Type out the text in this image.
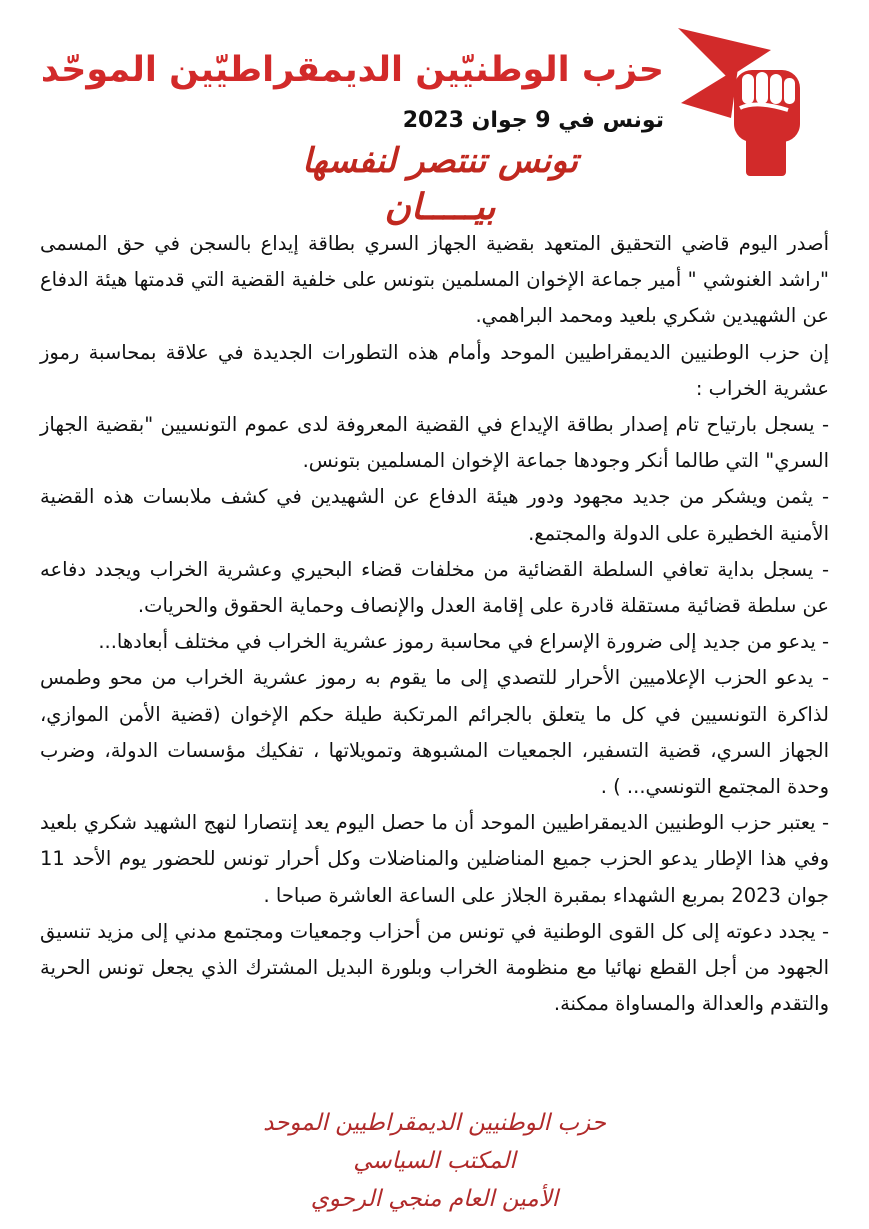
حزب الوطنيّين الديمقراطيّين الموحّد
تونس في 9 جوان 2023
تونس تنتصر لنفسها
بيـــــان

أصدر اليوم قاضي التحقيق المتعهد بقضية الجهاز السري بطاقة إيداع بالسجن في حق المسمى "راشد الغنوشي " أمير جماعة الإخوان المسلمين بتونس على خلفية القضية التي قدمتها هيئة الدفاع عن الشهيدين شكري بلعيد ومحمد البراهمي.

إن حزب الوطنيين الديمقراطيين الموحد وأمام هذه التطورات الجديدة في علاقة بمحاسبة رموز عشرية الخراب :

- يسجل بارتياح تام إصدار بطاقة الإيداع في القضية المعروفة لدى عموم التونسيين "بقضية الجهاز السري" التي طالما أنكر وجودها جماعة الإخوان المسلمين بتونس.

- يثمن ويشكر من جديد مجهود ودور هيئة الدفاع عن الشهيدين في كشف ملابسات هذه القضية الأمنية الخطيرة على الدولة والمجتمع.

- يسجل بداية تعافي السلطة القضائية من مخلفات قضاء البحيري وعشرية الخراب ويجدد دفاعه عن سلطة قضائية مستقلة قادرة على إقامة العدل والإنصاف وحماية الحقوق والحريات.

- يدعو من جديد إلى ضرورة الإسراع في محاسبة رموز عشرية الخراب في مختلف أبعادها...

- يدعو الحزب الإعلاميين الأحرار للتصدي إلى ما يقوم به رموز عشرية الخراب من محو وطمس لذاكرة التونسيين في كل ما يتعلق بالجرائم المرتكبة طيلة حكم الإخوان (قضية الأمن الموازي، الجهاز السري، قضية التسفير، الجمعيات المشبوهة وتمويلاتها ، تفكيك مؤسسات الدولة، وضرب وحدة المجتمع التونسي... ) .

- يعتبر حزب الوطنيين الديمقراطيين الموحد أن ما حصل اليوم يعد إنتصارا لنهج الشهيد شكري بلعيد وفي هذا الإطار يدعو الحزب جميع المناضلين والمناضلات وكل أحرار تونس للحضور يوم الأحد 11 جوان 2023 بمربع الشهداء بمقبرة الجلاز على الساعة العاشرة صباحا .

- يجدد دعوته إلى كل القوى الوطنية في تونس من أحزاب وجمعيات ومجتمع مدني إلى مزيد تنسيق الجهود من أجل القطع نهائيا مع منظومة الخراب وبلورة البديل المشترك الذي يجعل تونس الحرية والتقدم والعدالة والمساواة ممكنة.

حزب الوطنيين الديمقراطيين الموحد
المكتب السياسي
الأمين العام منجي الرحوي
